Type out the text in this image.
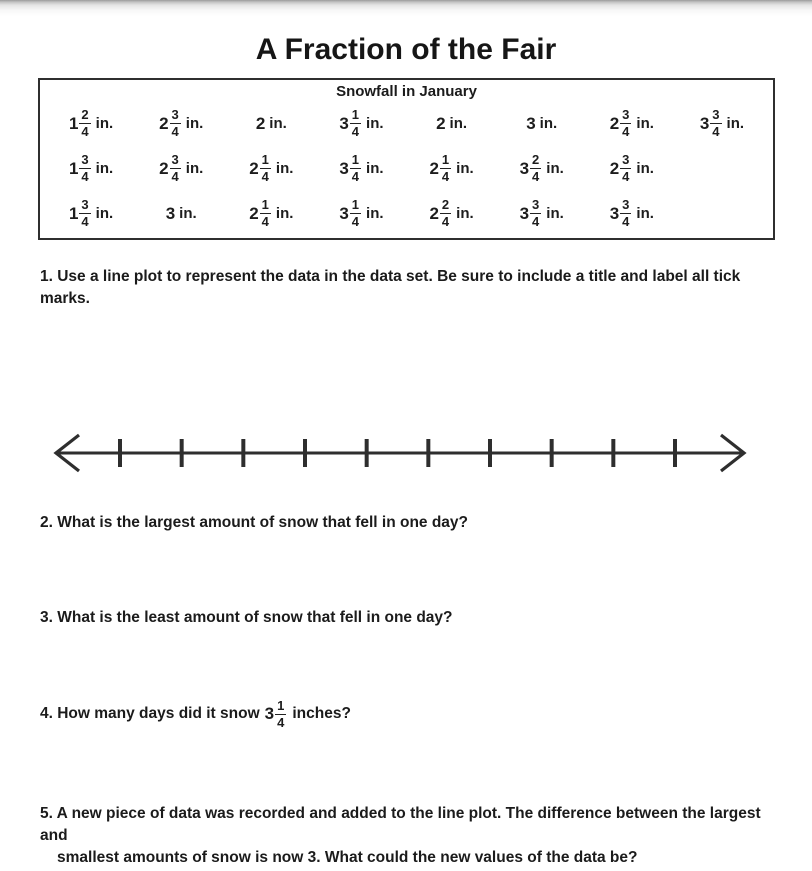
A Fraction of the Fair
Snowfall in January
$1 \frac{2}{4}$ in.	$2 \frac{3}{4}$ in.	2 in.	$3 \frac{1}{4}$ in.	2 in.	3 in.	$2 \frac{3}{4}$ in.	$3 \frac{3}{4}$ in.
$1 \frac{3}{4}$ in.	$2 \frac{3}{4}$ in.	$2 \frac{1}{4}$ in.	$3 \frac{1}{4}$ in.	$2 \frac{1}{4}$ in.	$3 \frac{2}{4}$ in.	$2 \frac{3}{4}$ in.
$1 \frac{3}{4}$ in.	3 in.	$2 \frac{1}{4}$ in.	$3 \frac{1}{4}$ in.	$2 \frac{2}{4}$ in.	$3 \frac{3}{4}$ in.	$3 \frac{3}{4}$ in.
1. Use a line plot to represent the data in the data set. Be sure to include a title and label all tick marks.
2. What is the largest amount of snow that fell in one day?
3. What is the least amount of snow that fell in one day?
4. How many days did it snow $3 \frac{1}{4}$ inches?
5. A new piece of data was recorded and added to the line plot. The difference between the largest and
smallest amounts of snow is now 3. What could the new values of the data be?
